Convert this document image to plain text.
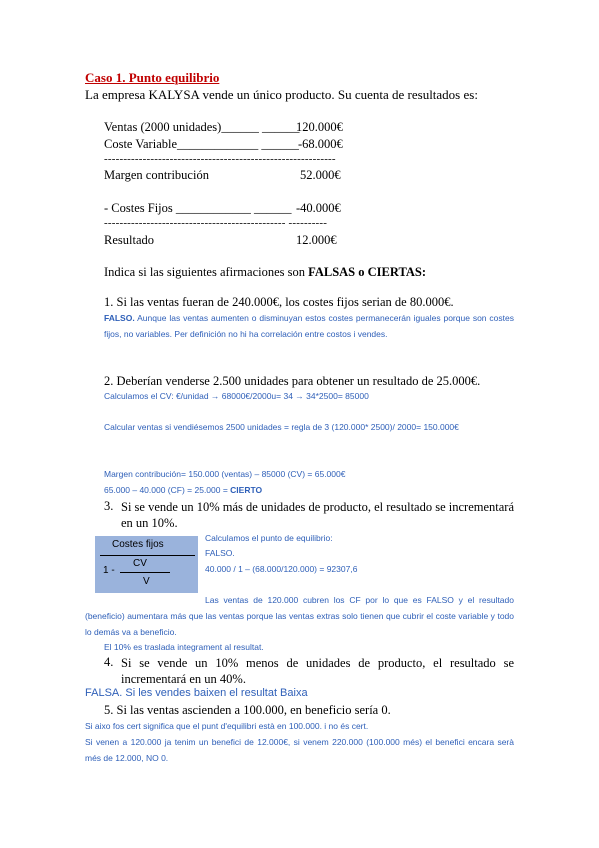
Caso 1. Punto equilibrio
La empresa KALYSA vende un único producto. Su cuenta de resultados es:
Ventas (2000 unidades)______ ______
120.000€
Coste Variable_____________ ______ -68.000€
------------------------------------------------------------
Margen contribución	52.000€
- Costes Fijos ____________ ______ -40.000€
----------------------------------------------- ----------
Resultado	12.000€
Indica si las siguientes afirmaciones son FALSAS o CIERTAS:
1. Si las ventas fueran de 240.000€, los costes fijos serian de 80.000€.
FALSO. Aunque las ventas aumenten o disminuyan estos costes permanecerán iguales porque son costes fijos, no variables. Per definición no hi ha correlación entre costos i vendes.
2. Deberían venderse 2.500 unidades para obtener un resultado de 25.000€.
Calculamos el CV: €/unidad → 68000€/2000u= 34 → 34*2500= 85000
Calcular ventas si vendiésemos 2500 unidades = regla de 3 (120.000* 2500)/ 2000= 150.000€
Margen contribución= 150.000 (ventas) – 85000 (CV) = 65.000€
65.000 – 40.000 (CF) = 25.000 = CIERTO
3. Si se vende un 10% más de unidades de producto, el resultado se incrementará en un 10%.
Costes fijos
CV
1 -
V
Calculamos el punto de equilibrio:
FALSO.
40.000 / 1 – (68.000/120.000) = 92307,6
Las ventas de 120.000 cubren los CF por lo que es FALSO y el resultado (beneficio) aumentara más que las ventas porque las ventas extras solo tienen que cubrir el coste variable y todo lo demás va a beneficio.
El 10% es traslada integrament al resultat.
4. Si se vende un 10% menos de unidades de producto, el resultado se incrementará en un 40%.
FALSA. Si les vendes baixen el resultat Baixa
5. Si las ventas ascienden a 100.000, en beneficio sería 0.
Si aixo fos cert significa que el punt d'equilibri està en 100.000. i no és cert.
Si venen a 120.000 ja tenim un benefici de 12.000€, si venem 220.000 (100.000 més) el benefici encara serà més de 12.000, NO 0.
